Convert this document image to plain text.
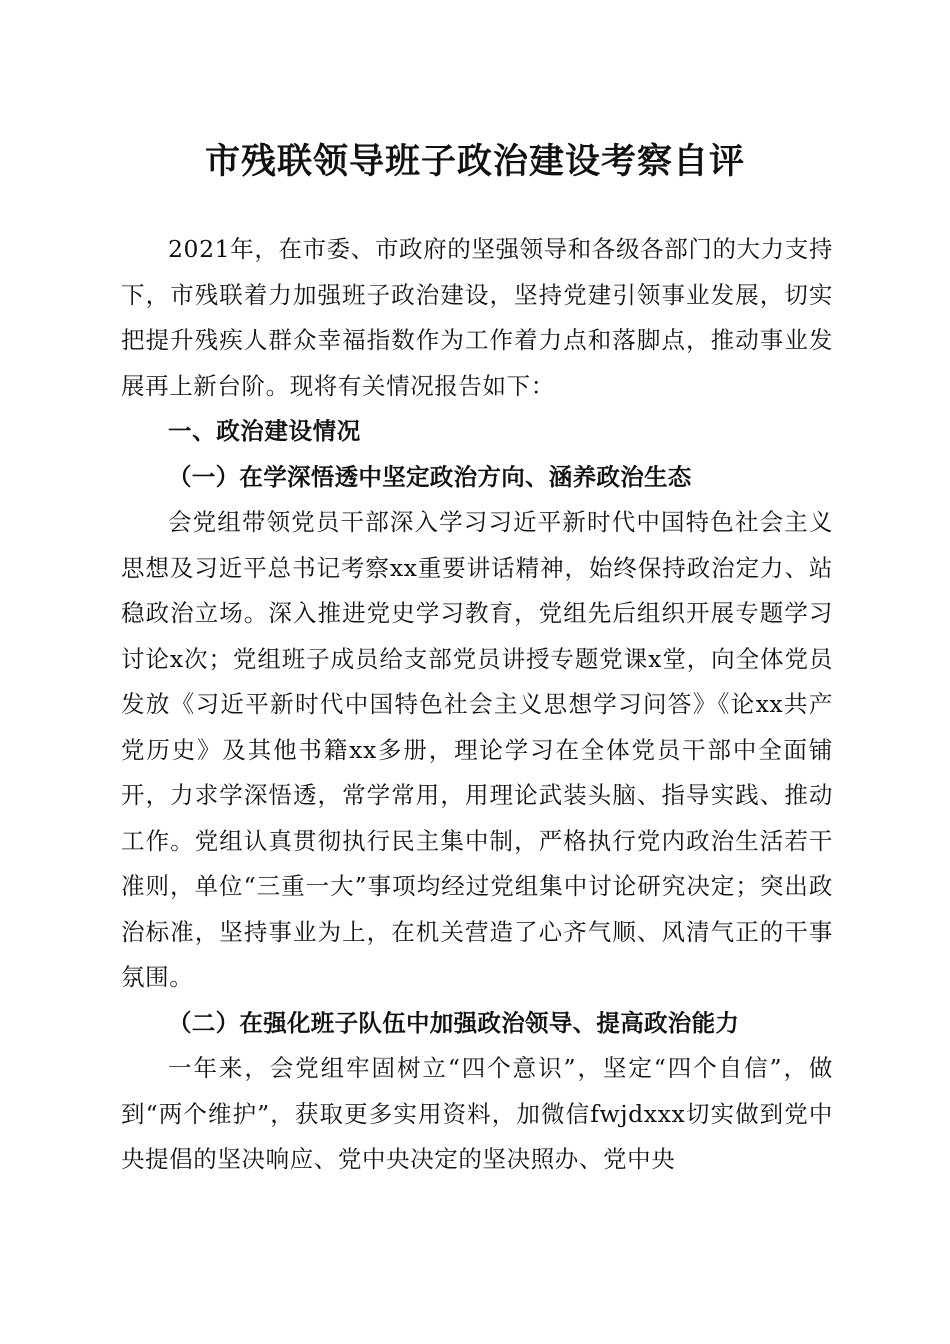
市残联领导班子政治建设考察自评

2021年，在市委、市政府的坚强领导和各级各部门的大力支持下，市残联着力加强班子政治建设，坚持党建引领事业发展，切实把提升残疾人群众幸福指数作为工作着力点和落脚点，推动事业发展再上新台阶。现将有关情况报告如下：

一、政治建设情况

（一）在学深悟透中坚定政治方向、涵养政治生态

会党组带领党员干部深入学习习近平新时代中国特色社会主义思想及习近平总书记考察xx重要讲话精神，始终保持政治定力、站稳政治立场。深入推进党史学习教育，党组先后组织开展专题学习讨论x次；党组班子成员给支部党员讲授专题党课x堂，向全体党员发放《习近平新时代中国特色社会主义思想学习问答》《论xx共产党历史》及其他书籍xx多册，理论学习在全体党员干部中全面铺开，力求学深悟透，常学常用，用理论武装头脑、指导实践、推动工作。党组认真贯彻执行民主集中制，严格执行党内政治生活若干准则，单位“三重一大”事项均经过党组集中讨论研究决定；突出政治标准，坚持事业为上，在机关营造了心齐气顺、风清气正的干事氛围。

（二）在强化班子队伍中加强政治领导、提高政治能力

一年来，会党组牢固树立“四个意识”，坚定“四个自信”，做到“两个维护”，获取更多实用资料，加微信fwjdxxx切实做到党中央提倡的坚决响应、党中央决定的坚决照办、党中央
